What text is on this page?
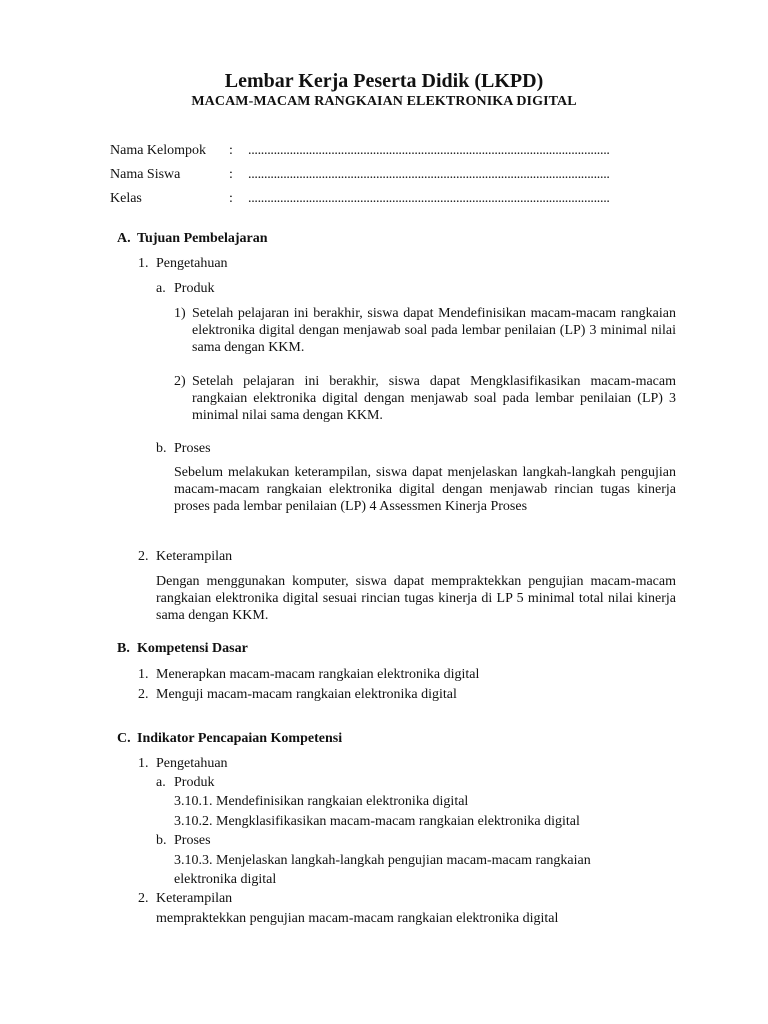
Lembar Kerja Peserta Didik (LKPD)
MACAM-MACAM RANGKAIAN ELEKTRONIKA DIGITAL
Nama Kelompok : .................................................................................................................
Nama Siswa	: .................................................................................................................
Kelas	: .................................................................................................................
A. Tujuan Pembelajaran
1. Pengetahuan
a. Produk
1) Setelah pelajaran ini berakhir, siswa dapat Mendefinisikan macam-macam rangkaian elektronika digital dengan menjawab soal pada lembar penilaian (LP) 3 minimal nilai sama dengan KKM.
2) Setelah pelajaran ini berakhir, siswa dapat Mengklasifikasikan macam-macam rangkaian elektronika digital dengan menjawab soal pada lembar penilaian (LP) 3 minimal nilai sama dengan KKM.
b. Proses
Sebelum melakukan keterampilan, siswa dapat menjelaskan langkah-langkah pengujian macam-macam rangkaian elektronika digital dengan menjawab rincian tugas kinerja proses pada lembar penilaian (LP) 4 Assessmen Kinerja Proses
2. Keterampilan
Dengan menggunakan komputer, siswa dapat mempraktekkan pengujian macam-macam rangkaian elektronika digital sesuai rincian tugas kinerja di LP 5 minimal total nilai kinerja sama dengan KKM.
B. Kompetensi Dasar
1. Menerapkan macam-macam rangkaian elektronika digital
2. Menguji macam-macam rangkaian elektronika digital
C. Indikator Pencapaian Kompetensi
1. Pengetahuan
a. Produk
3.10.1. Mendefinisikan rangkaian elektronika digital
3.10.2. Mengklasifikasikan macam-macam rangkaian elektronika digital
b. Proses
3.10.3. Menjelaskan langkah-langkah pengujian macam-macam rangkaian
elektronika digital
2. Keterampilan
mempraktekkan pengujian macam-macam rangkaian elektronika digital
